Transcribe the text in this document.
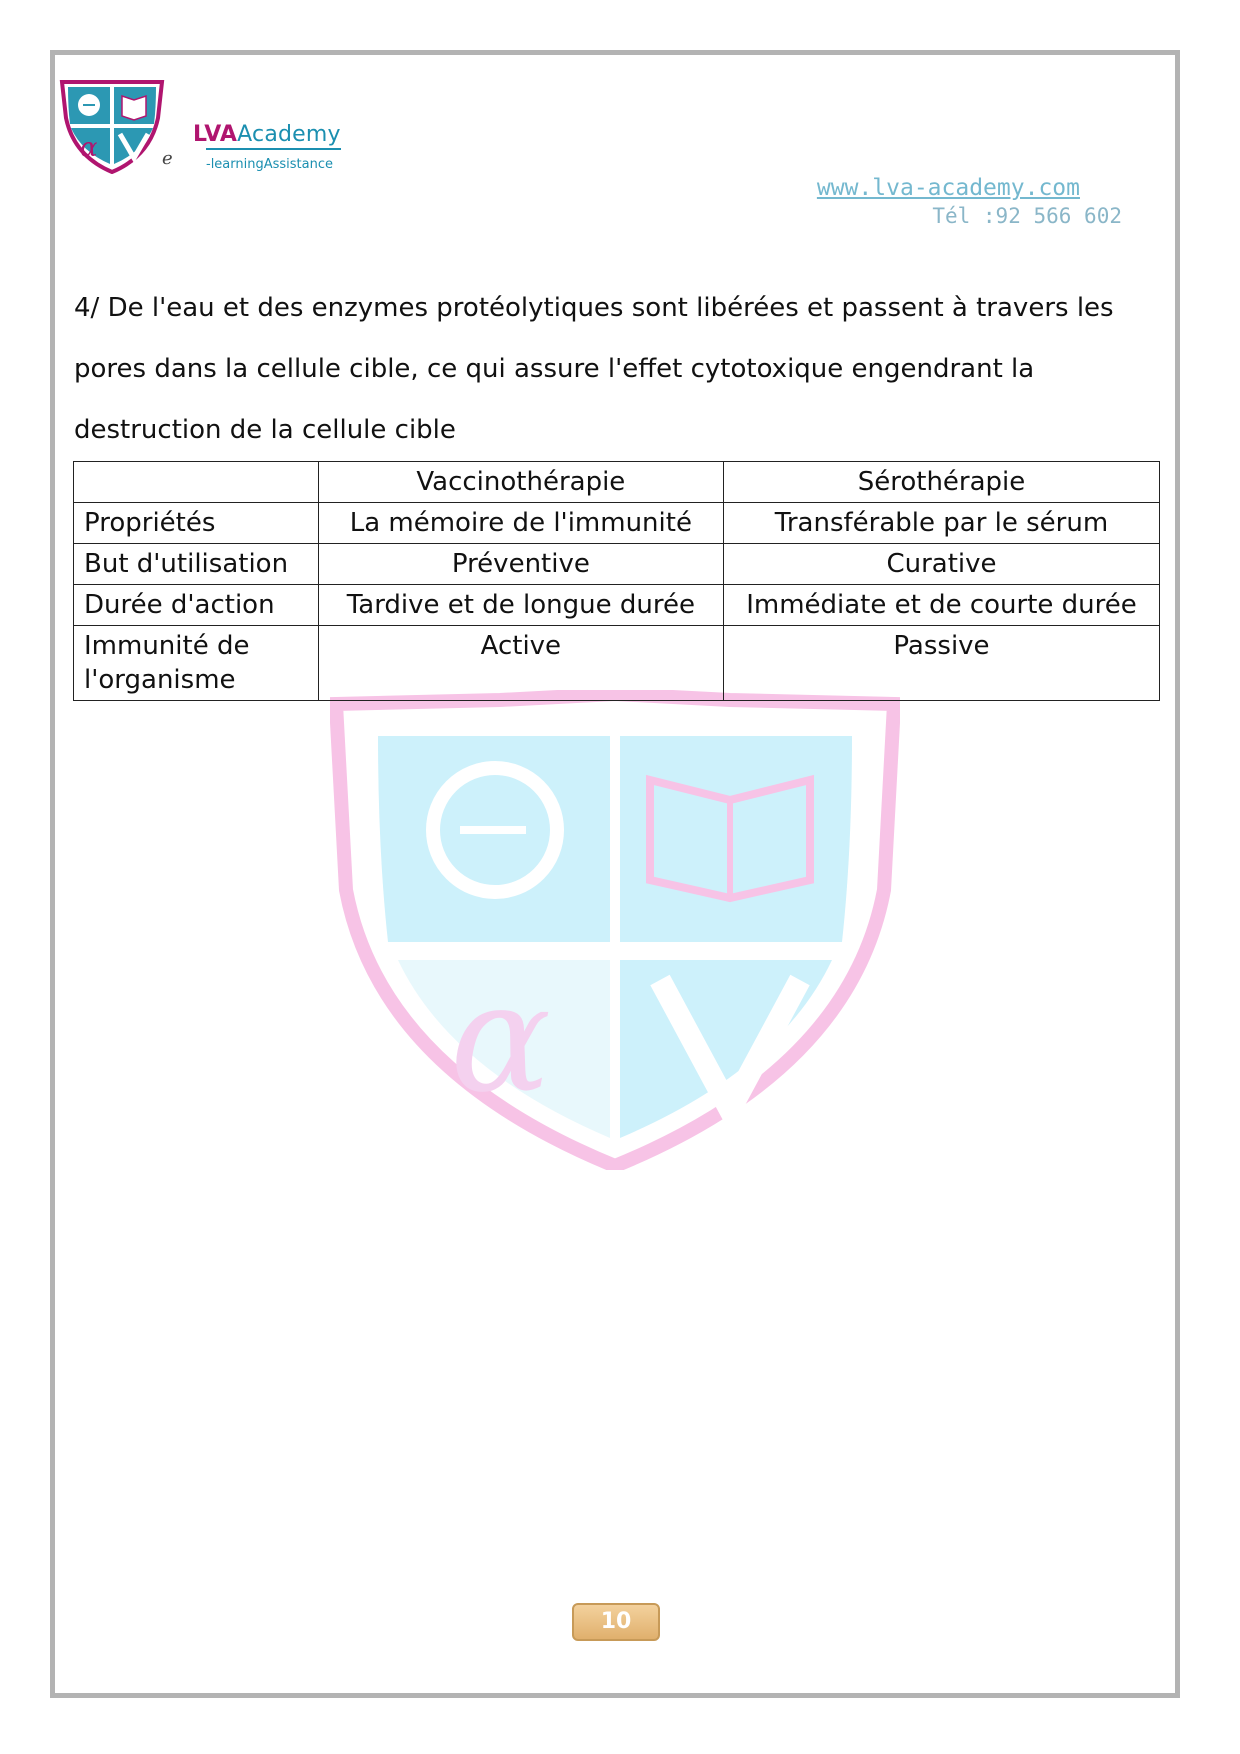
α	e
LVAAcademy
-learningAssistance
www.lva-academy.com
Tél :92 566 602
α

4/ De l'eau et des enzymes protéolytiques sont libérées et passent à travers les pores dans la cellule cible, ce qui assure l'effet cytotoxique engendrant la destruction de la cellule cible

	Vaccinothérapie	Sérothérapie
Propriétés	La mémoire de l'immunité	Transférable par le sérum
But d'utilisation	Préventive	Curative
Durée d'action	Tardive et de longue durée	Immédiate et de courte durée
Immunité de l'organisme	Active	Passive
10
